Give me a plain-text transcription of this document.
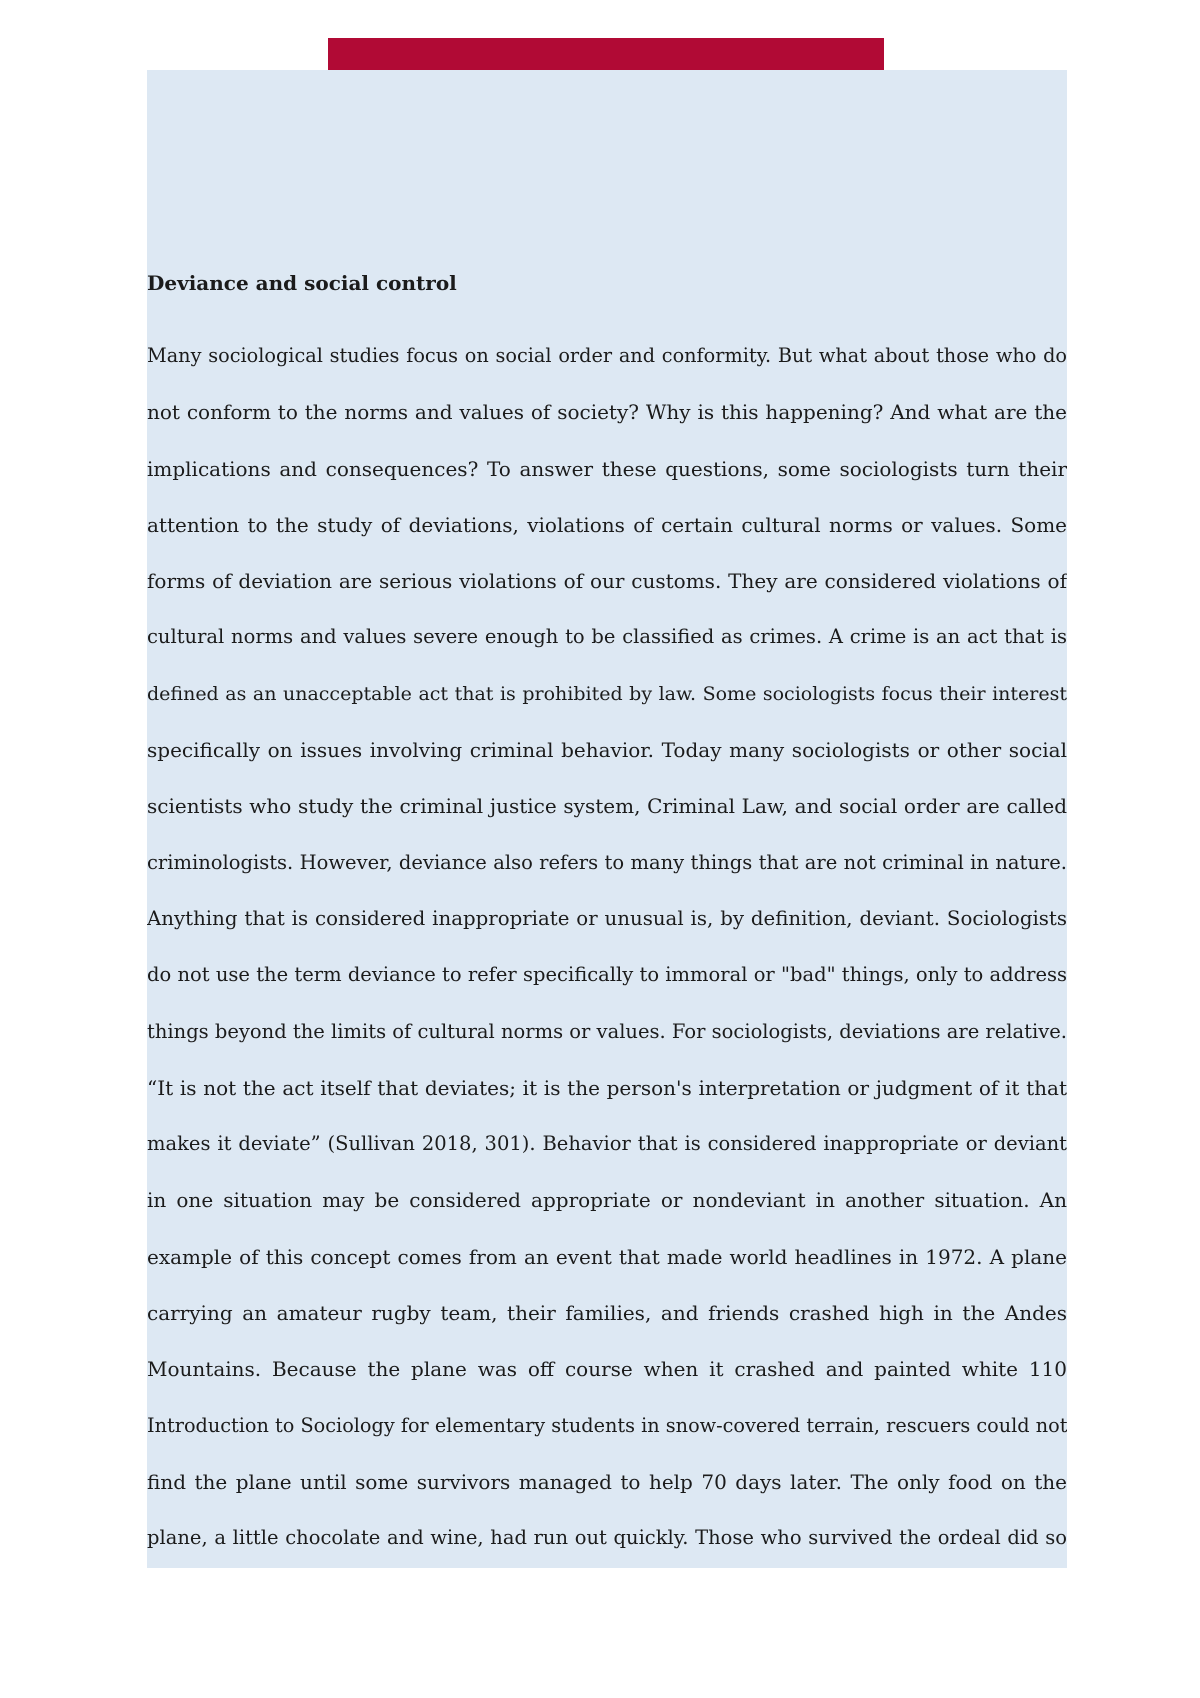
Deviance and social control
Many sociological studies focus on social order and conformity. But what about those who do
not conform to the norms and values of society? Why is this happening? And what are the
implications and consequences? To answer these questions, some sociologists turn their
attention to the study of deviations, violations of certain cultural norms or values. Some
forms of deviation are serious violations of our customs. They are considered violations of
cultural norms and values severe enough to be classified as crimes. A crime is an act that is
defined as an unacceptable act that is prohibited by law. Some sociologists focus their interest
specifically on issues involving criminal behavior. Today many sociologists or other social
scientists who study the criminal justice system, Criminal Law, and social order are called
criminologists. However, deviance also refers to many things that are not criminal in nature.
Anything that is considered inappropriate or unusual is, by definition, deviant. Sociologists
do not use the term deviance to refer specifically to immoral or "bad" things, only to address
things beyond the limits of cultural norms or values. For sociologists, deviations are relative.
“It is not the act itself that deviates; it is the person's interpretation or judgment of it that
makes it deviate” (Sullivan 2018, 301). Behavior that is considered inappropriate or deviant
in one situation may be considered appropriate or nondeviant in another situation. An
example of this concept comes from an event that made world headlines in 1972. A plane
carrying an amateur rugby team, their families, and friends crashed high in the Andes
Mountains. Because the plane was off course when it crashed and painted white 110
Introduction to Sociology for elementary students in snow-covered terrain, rescuers could not
find the plane until some survivors managed to help 70 days later. The only food on the
plane, a little chocolate and wine, had run out quickly. Those who survived the ordeal did so
